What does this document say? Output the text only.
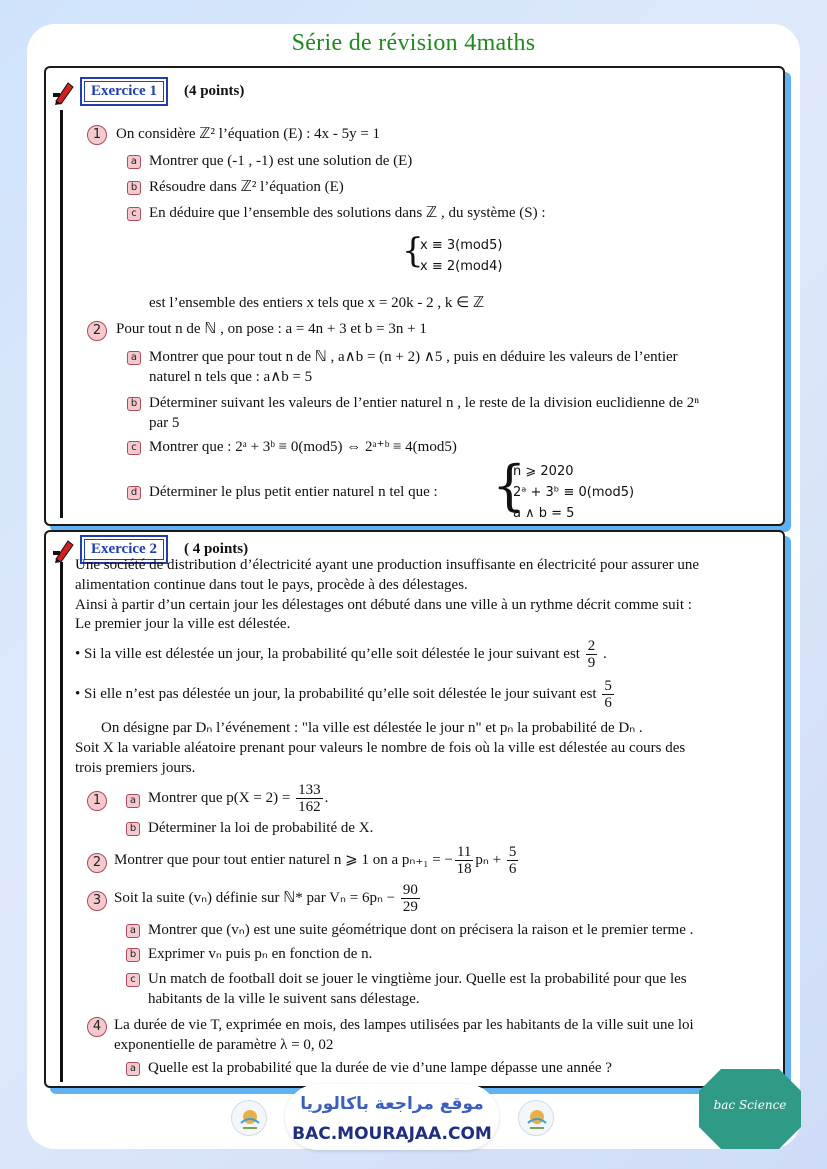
Série de révision 4maths
Exercice 1	(4 points)
1 On considère ℤ² l’équation (E) : 4x - 5y = 1
a Montrer que (-1 , -1) est une solution de (E)
b Résoudre dans ℤ² l’équation (E)
c En déduire que l’ensemble des solutions dans ℤ , du système (S) :
{
x ≡ 3(mod5)
x ≡ 2(mod4)
est l’ensemble des entiers x tels que x = 20k - 2 , k ∈ ℤ
2 Pour tout n de ℕ , on pose : a = 4n + 3 et b = 3n + 1
a Montrer que pour tout n de ℕ , a∧b = (n + 2) ∧5 , puis en déduire les valeurs de l’entier
naturel n tels que : a∧b = 5
b Déterminer suivant les valeurs de l’entier naturel n , le reste de la division euclidienne de 2ⁿ
par 5
c Montrer que : 2ᵃ + 3ᵇ ≡ 0(mod5) ⇔ 2ᵃ⁺ᵇ ≡ 4(mod5)
d Déterminer le plus petit entier naturel n tel que : {
n ⩾ 2020
2ᵃ + 3ᵇ ≡ 0(mod5)
a ∧ b = 5
Exercice 2	( 4 points)
Une société de distribution d’électricité ayant une production insuffisante en électricité pour assurer une
alimentation continue dans tout le pays, procède à des délestages.
Ainsi à partir d’un certain jour les délestages ont débuté dans une ville à un rythme décrit comme suit :
Le premier jour la ville est délestée.
• Si la ville est délestée un jour, la probabilité qu’elle soit délestée le jour suivant est $\frac{2}{9}$ .
• Si elle n’est pas délestée un jour, la probabilité qu’elle soit délestée le jour suivant est $\frac{5}{6}$
On désigne par Dₙ l’événement : "la ville est délestée le jour n" et pₙ la probabilité de Dₙ .
Soit X la variable aléatoire prenant pour valeurs le nombre de fois où la ville est délestée au cours des
trois premiers jours.
1	a Montrer que $p(X = 2) = \frac{133}{162}$ .
b Déterminer la loi de probabilité de X.
2 Montrer que pour tout entier naturel n ⩾ 1 on a pₙ₊₁ = − $\frac{11}{18}$ $p_n + \frac{5}{6}$
3 Soit la suite (vₙ) définie sur ℕ* par $V_n = 6p_n - \frac{90}{29}$
a Montrer que (vₙ) est une suite géométrique dont on précisera la raison et le premier terme .
b Exprimer vₙ puis pₙ en fonction de n.
c Un match de football doit se jouer le vingtième jour. Quelle est la probabilité pour que les
habitants de la ville le suivent sans délestage.
4 La durée de vie T, exprimée en mois, des lampes utilisées par les habitants de la ville suit une loi
exponentielle de paramètre λ = 0, 02
a Quelle est la probabilité que la durée de vie d’une lampe dépasse une année ?
موقع مراجعة باكالوريا
BAC.MOURAJAA.COM
bac Science
